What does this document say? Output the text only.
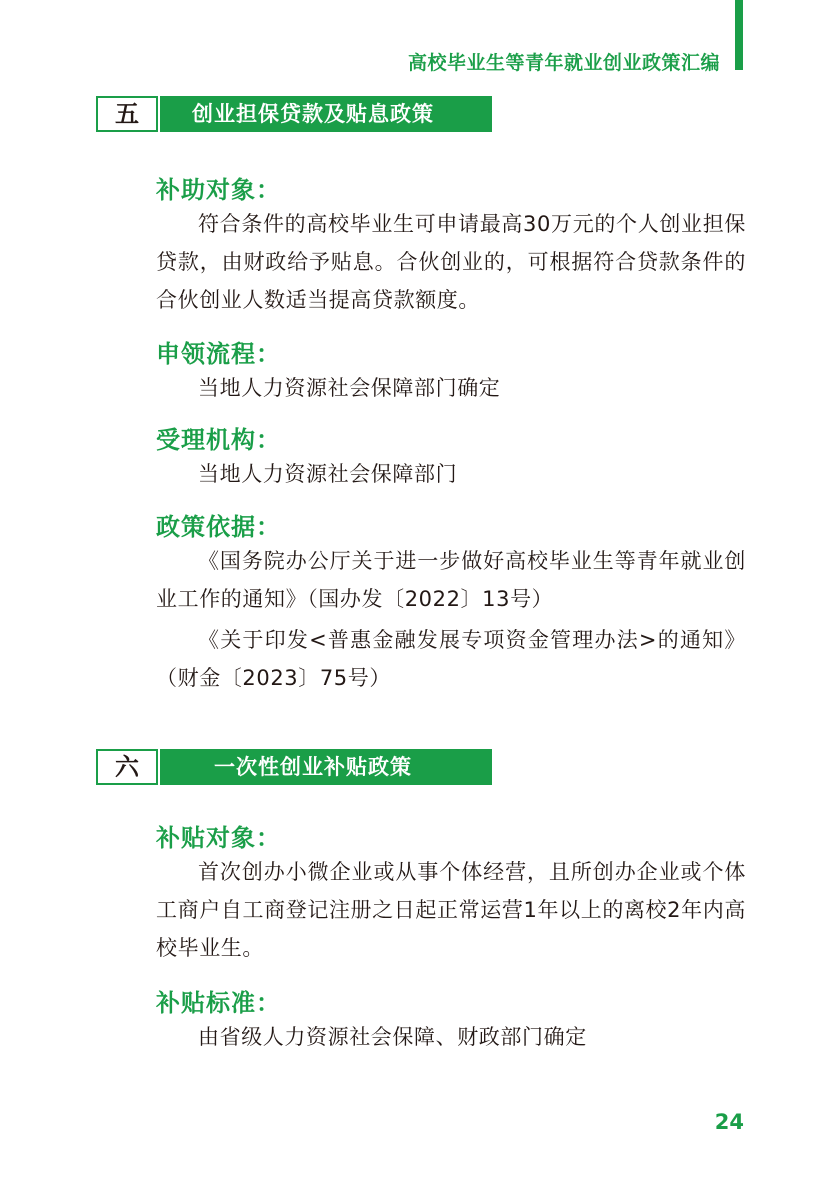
高校毕业生等青年就业创业政策汇编
五	创业担保贷款及贴息政策
补助对象：
符合条件的高校毕业生可申请最高30万元的个人创业担保贷款，由财政给予贴息。合伙创业的，可根据符合贷款条件的合伙创业人数适当提高贷款额度。
申领流程：
当地人力资源社会保障部门确定
受理机构：
当地人力资源社会保障部门
政策依据：
《国务院办公厅关于进一步做好高校毕业生等青年就业创业工作的通知》（国办发〔2022〕13号）
《关于印发<普惠金融发展专项资金管理办法>的通知》（财金〔2023〕75号）
六	一次性创业补贴政策
补贴对象：
首次创办小微企业或从事个体经营，且所创办企业或个体工商户自工商登记注册之日起正常运营1年以上的离校2年内高校毕业生。
补贴标准：
由省级人力资源社会保障、财政部门确定
24
